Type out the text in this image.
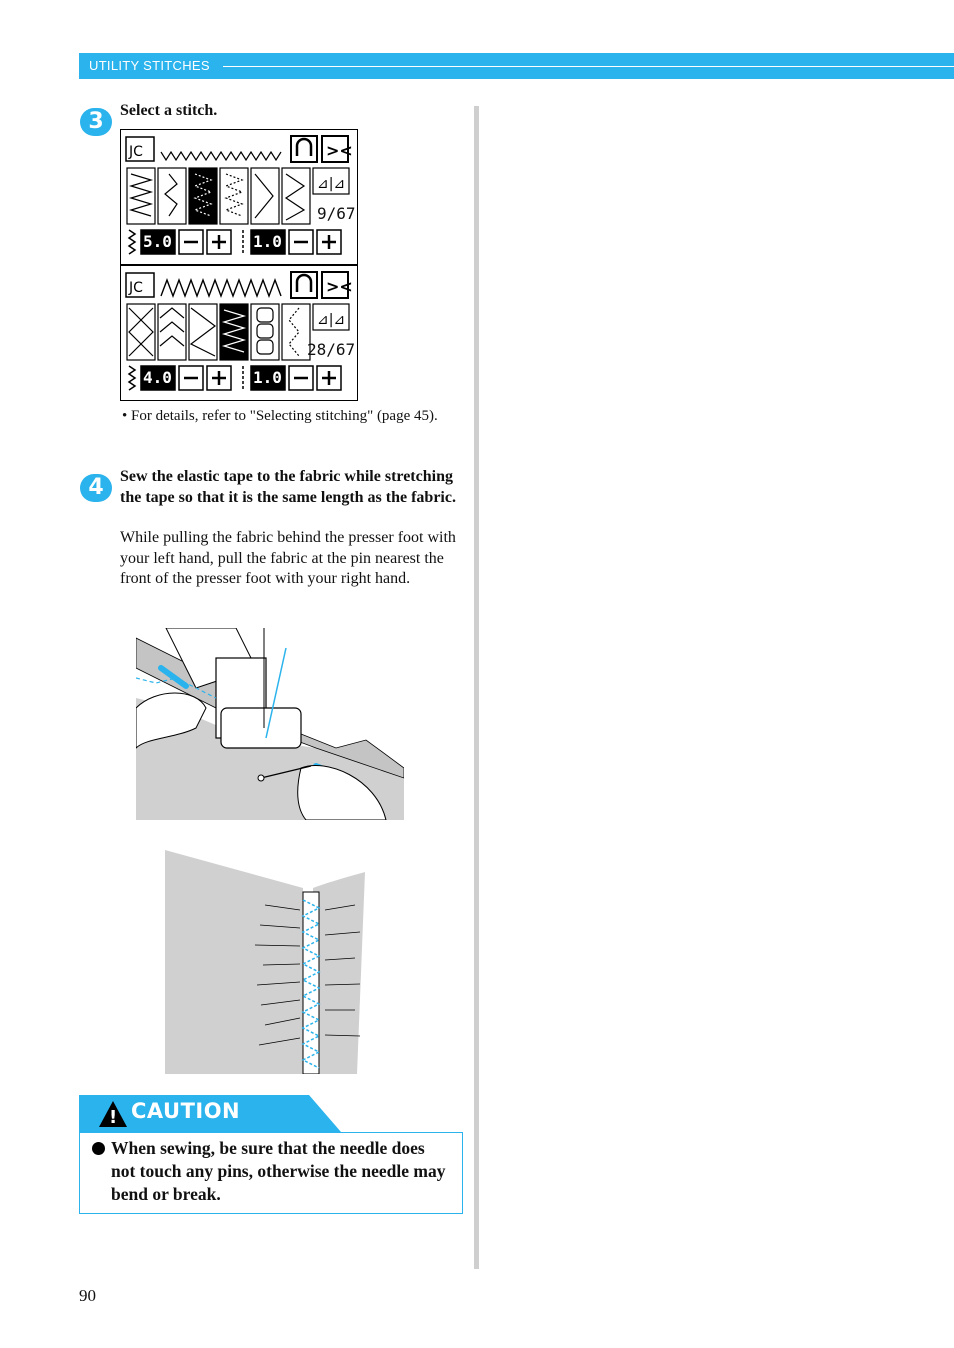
UTILITY STITCHES
3	Select a stitch.
JC	><
⊿|⊿
9/67
5.0	1.0
JC	><
⊿|⊿
28/67
4.0	1.0
• For details, refer to "Selecting stitching" (page 45).
4	Sew the elastic tape to the fabric while stretching the tape so that it is the same length as the fabric.
While pulling the fabric behind the presser foot with your left hand, pull the fabric at the pin nearest the front of the presser foot with your right hand.
! CAUTION
When sewing, be sure that the needle does not touch any pins, otherwise the needle may bend or break.
90
